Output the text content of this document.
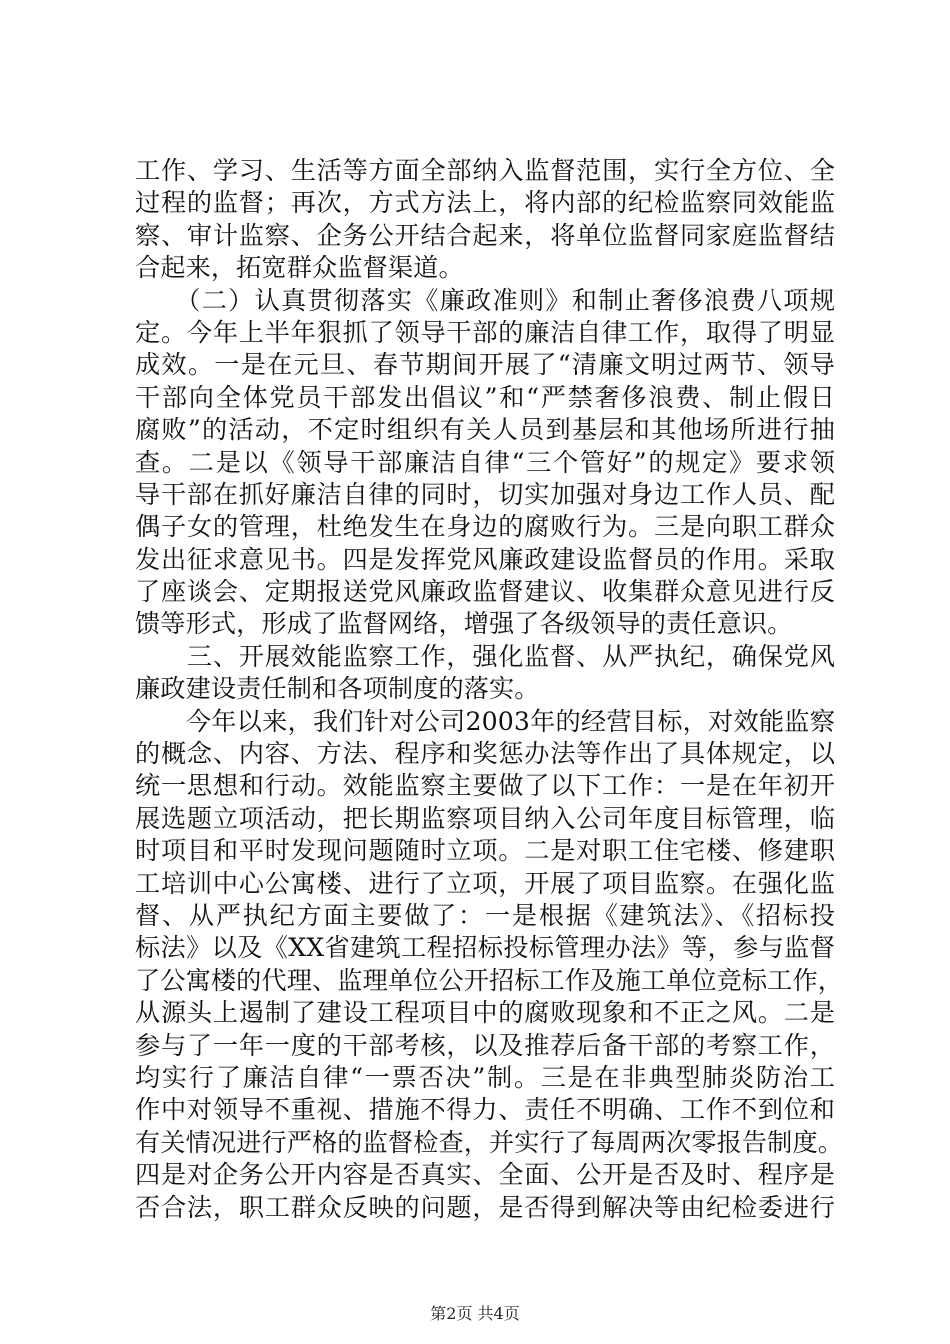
工作、学习、生活等方面全部纳入监督范围，实行全方位、全
过程的监督；再次，方式方法上，将内部的纪检监察同效能监
察、审计监察、企务公开结合起来，将单位监督同家庭监督结
合起来，拓宽群众监督渠道。
　　（二）认真贯彻落实《廉政准则》和制止奢侈浪费八项规
定。今年上半年狠抓了领导干部的廉洁自律工作，取得了明显
成效。一是在元旦、春节期间开展了“清廉文明过两节、领导
干部向全体党员干部发出倡议”和“严禁奢侈浪费、制止假日
腐败”的活动，不定时组织有关人员到基层和其他场所进行抽
查。二是以《领导干部廉洁自律“三个管好”的规定》要求领
导干部在抓好廉洁自律的同时，切实加强对身边工作人员、配
偶子女的管理，杜绝发生在身边的腐败行为。三是向职工群众
发出征求意见书。四是发挥党风廉政建设监督员的作用。采取
了座谈会、定期报送党风廉政监督建议、收集群众意见进行反
馈等形式，形成了监督网络，增强了各级领导的责任意识。
　　三、开展效能监察工作，强化监督、从严执纪，确保党风
廉政建设责任制和各项制度的落实。
　　今年以来，我们针对公司2003年的经营目标，对效能监察
的概念、内容、方法、程序和奖惩办法等作出了具体规定，以
统一思想和行动。效能监察主要做了以下工作：一是在年初开
展选题立项活动，把长期监察项目纳入公司年度目标管理，临
时项目和平时发现问题随时立项。二是对职工住宅楼、修建职
工培训中心公寓楼、进行了立项，开展了项目监察。在强化监
督、从严执纪方面主要做了：一是根据《建筑法》、《招标投
标法》以及《XX省建筑工程招标投标管理办法》等，参与监督
了公寓楼的代理、监理单位公开招标工作及施工单位竞标工作，
从源头上遏制了建设工程项目中的腐败现象和不正之风。二是
参与了一年一度的干部考核，以及推荐后备干部的考察工作，
均实行了廉洁自律“一票否决”制。三是在非典型肺炎防治工
作中对领导不重视、措施不得力、责任不明确、工作不到位和
有关情况进行严格的监督检查，并实行了每周两次零报告制度。
四是对企务公开内容是否真实、全面、公开是否及时、程序是
否合法，职工群众反映的问题，是否得到解决等由纪检委进行
第2页 共4页
